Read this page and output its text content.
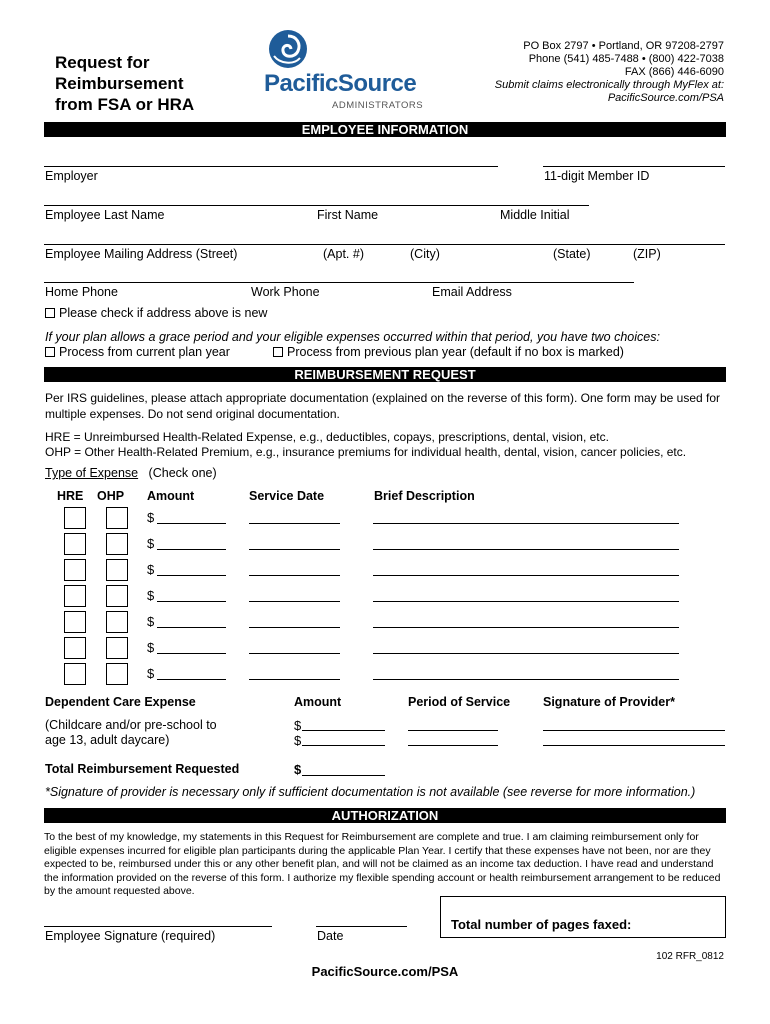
Request for
Reimbursement
from FSA or HRA
PacificSource
ADMINISTRATORS
PO Box 2797 • Portland, OR 97208-2797
Phone (541) 485-7488 • (800) 422-7038
FAX (866) 446-6090
Submit claims electronically through MyFlex at:
PacificSource.com/PSA
EMPLOYEE INFORMATION
Employer	11-digit Member ID
Employee Last Name	First Name	Middle Initial
Employee Mailing Address (Street)	(Apt. #)	(City)	(State)	(ZIP)
Home Phone	Work Phone	Email Address
Please check if address above is new
If your plan allows a grace period and your eligible expenses occurred within that period, you have two choices:
Process from current plan year	Process from previous plan year (default if no box is marked)
REIMBURSEMENT REQUEST
Per IRS guidelines, please attach appropriate documentation (explained on the reverse of this form). One form may be used for multiple expenses. Do not send original documentation.
HRE = Unreimbursed Health-Related Expense, e.g., deductibles, copays, prescriptions, dental, vision, etc.
OHP = Other Health-Related Premium, e.g., insurance premiums for individual health, dental, vision, cancer policies, etc.
Type of Expense (Check one)
HRE OHP Amount	Service Date	Brief Description
$
$
$
$
$
$
$
Dependent Care Expense	Amount	Period of Service	Signature of Provider*
(Childcare and/or pre-school to
age 13, adult daycare)
$
$
Total Reimbursement Requested	$
*Signature of provider is necessary only if sufficient documentation is not available (see reverse for more information.)
AUTHORIZATION
To the best of my knowledge, my statements in this Request for Reimbursement are complete and true. I am claiming reimbursement only for eligible expenses incurred for eligible plan participants during the applicable Plan Year. I certify that these expenses have not been, nor are they expected to be, reimbursed under this or any other benefit plan, and will not be claimed as an income tax deduction. I have read and understand the information provided on the reverse of this form. I authorize my flexible spending account or health reimbursement arrangement to be reduced by the amount requested above.
Employee Signature (required)	Date
Total number of pages faxed:
102 RFR_0812
PacificSource.com/PSA
